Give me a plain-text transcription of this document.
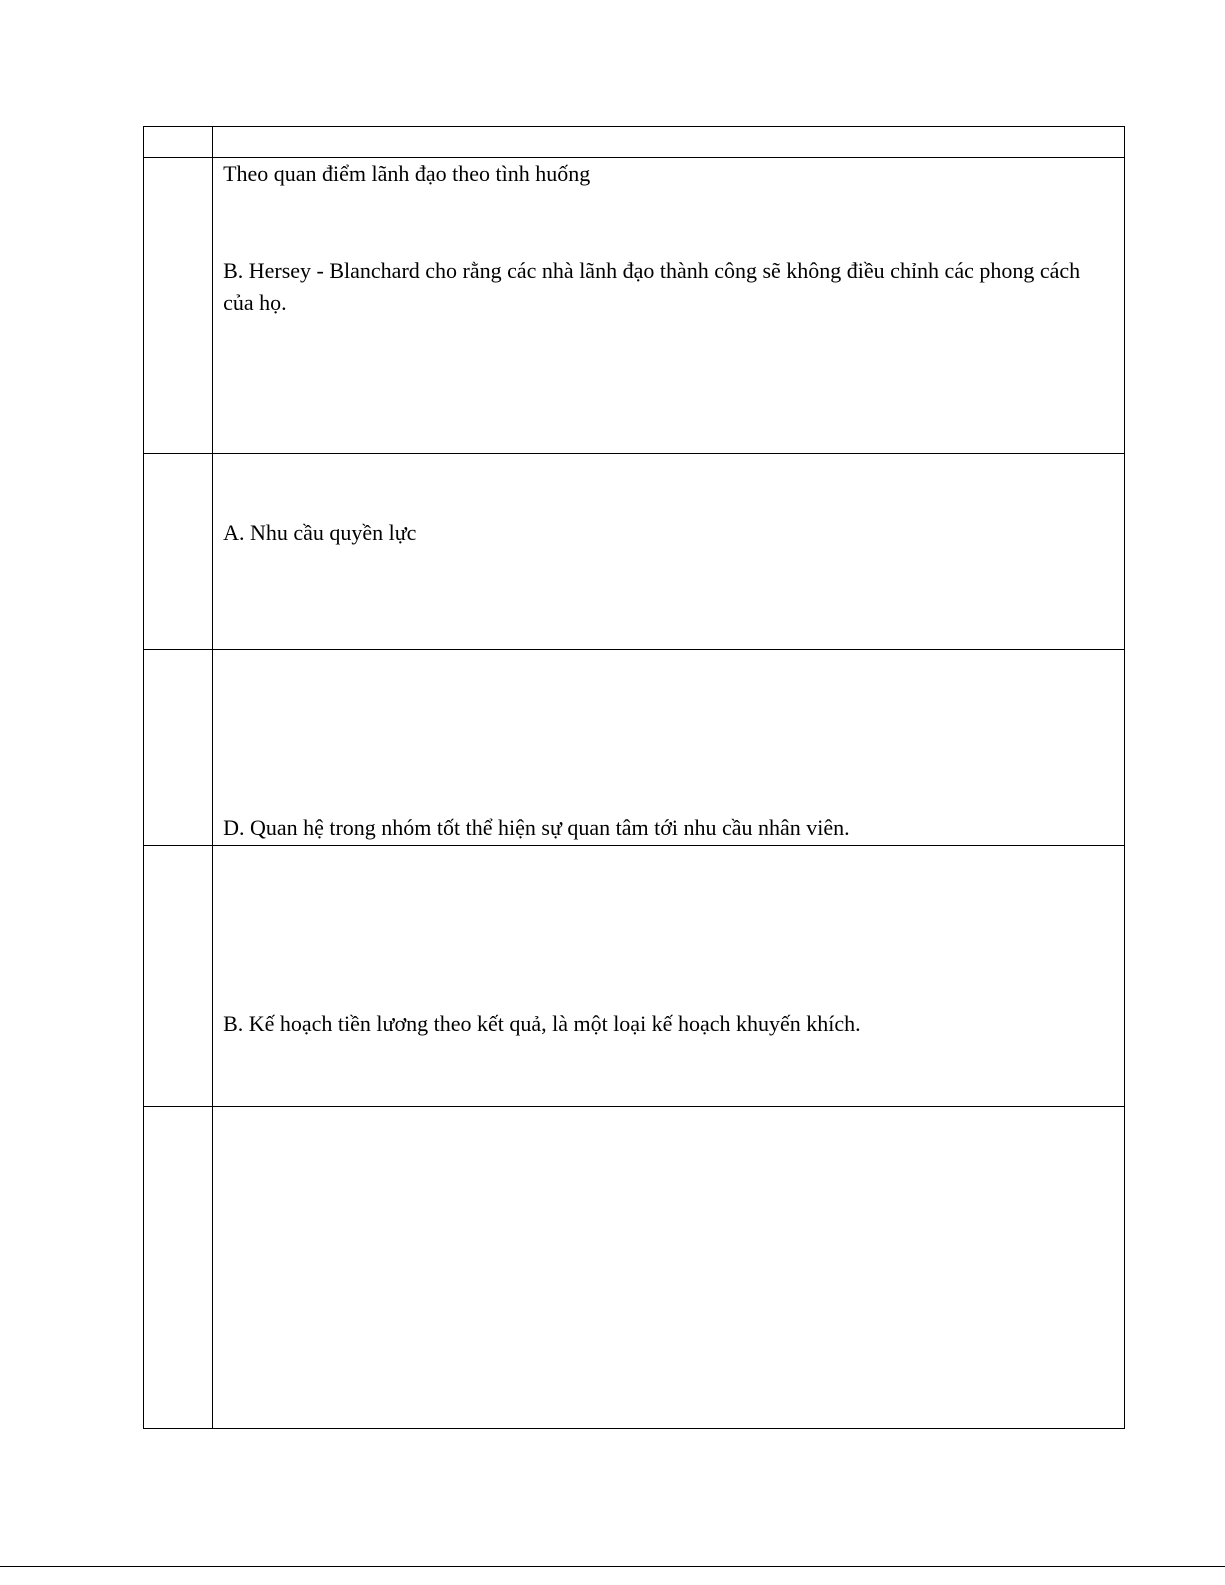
	Theo quan điểm lãnh đạo theo tình huống
B. Hersey - Blanchard cho rằng các nhà lãnh đạo thành công sẽ không điều chỉnh các phong cách của họ.

	A. Nhu cầu quyền lực

	D. Quan hệ trong nhóm tốt thể hiện sự quan tâm tới nhu cầu nhân viên.

	B. Kế hoạch tiền lương theo kết quả, là một loại kế hoạch khuyến khích.
